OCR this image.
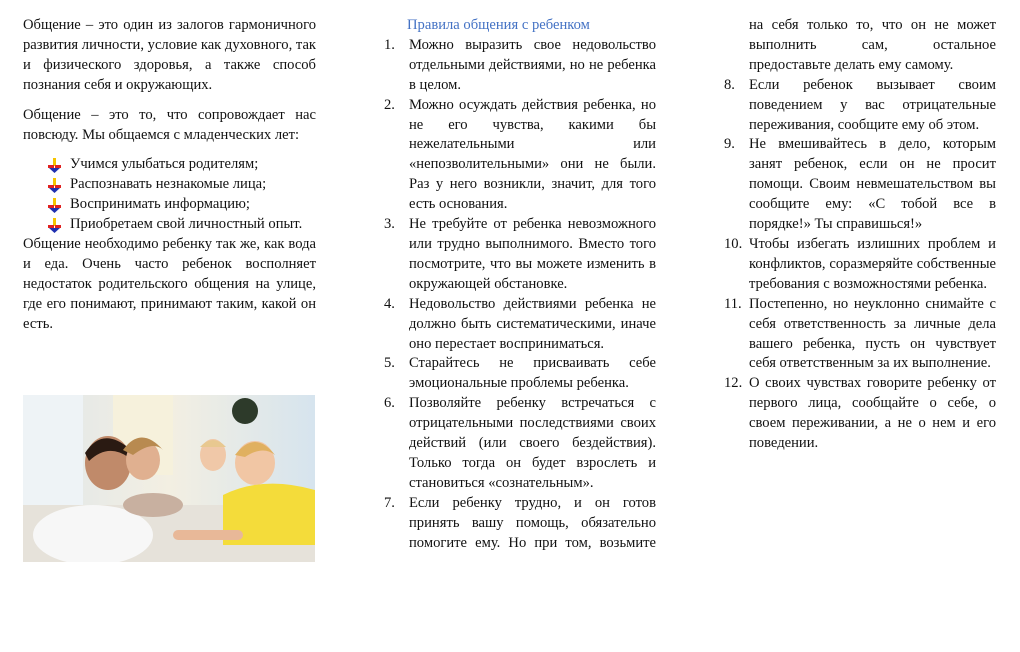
Общение – это один из залогов гармоничного развития личности, условие как духовного, так и физического здоровья, а также способ познания себя и окружающих.

Общение – это то, что сопровождает нас повсюду. Мы общаемся с младенческих лет:

Учимся улыбаться родителям;
Распознавать незнакомые лица;
Воспринимать информацию;
Приобретаем свой личностный опыт.

Общение необходимо ребенку так же, как вода и еда. Очень часто ребенок восполняет недостаток родительского общения на улице, где его понимают, принимают таким, какой он есть.

Правила общения с ребенком
1. Можно выразить свое недовольство отдельными действиями, но не ребенка в целом.
2. Можно осуждать действия ребенка, но не его чувства, какими бы нежелательными или «непозволительными» они не были. Раз у него возникли, значит, для того есть основания.
3. Не требуйте от ребенка невозможного или трудно выполнимого. Вместо того посмотрите, что вы можете изменить в окружающей обстановке.
4. Недовольство действиями ребенка не должно быть систематическими, иначе оно перестает восприниматься.
5. Старайтесь не присваивать себе эмоциональные проблемы ребенка.
6. Позволяйте ребенку встречаться с отрицательными последствиями своих действий (или своего бездействия). Только тогда он будет взрослеть и становиться «сознательным».
7. Если ребенку трудно, и он готов принять вашу помощь, обязательно помогите ему. Но при том, возьмите
на себя только то, что он не может выполнить сам, остальное предоставьте делать ему самому.
8. Если ребенок вызывает своим поведением у вас отрицательные переживания, сообщите ему об этом.
9. Не вмешивайтесь в дело, которым занят ребенок, если он не просит помощи. Своим невмешательством вы сообщите ему: «С тобой все в порядке!» Ты справишься!»
10. Чтобы избегать излишних проблем и конфликтов, соразмеряйте собственные требования с возможностями ребенка.
11. Постепенно, но неуклонно снимайте с себя ответственность за личные дела вашего ребенка, пусть он чувствует себя ответственным за их выполнение.
12. О своих чувствах говорите ребенку от первого лица, сообщайте о себе, о своем переживании, а не о нем и его поведении.
